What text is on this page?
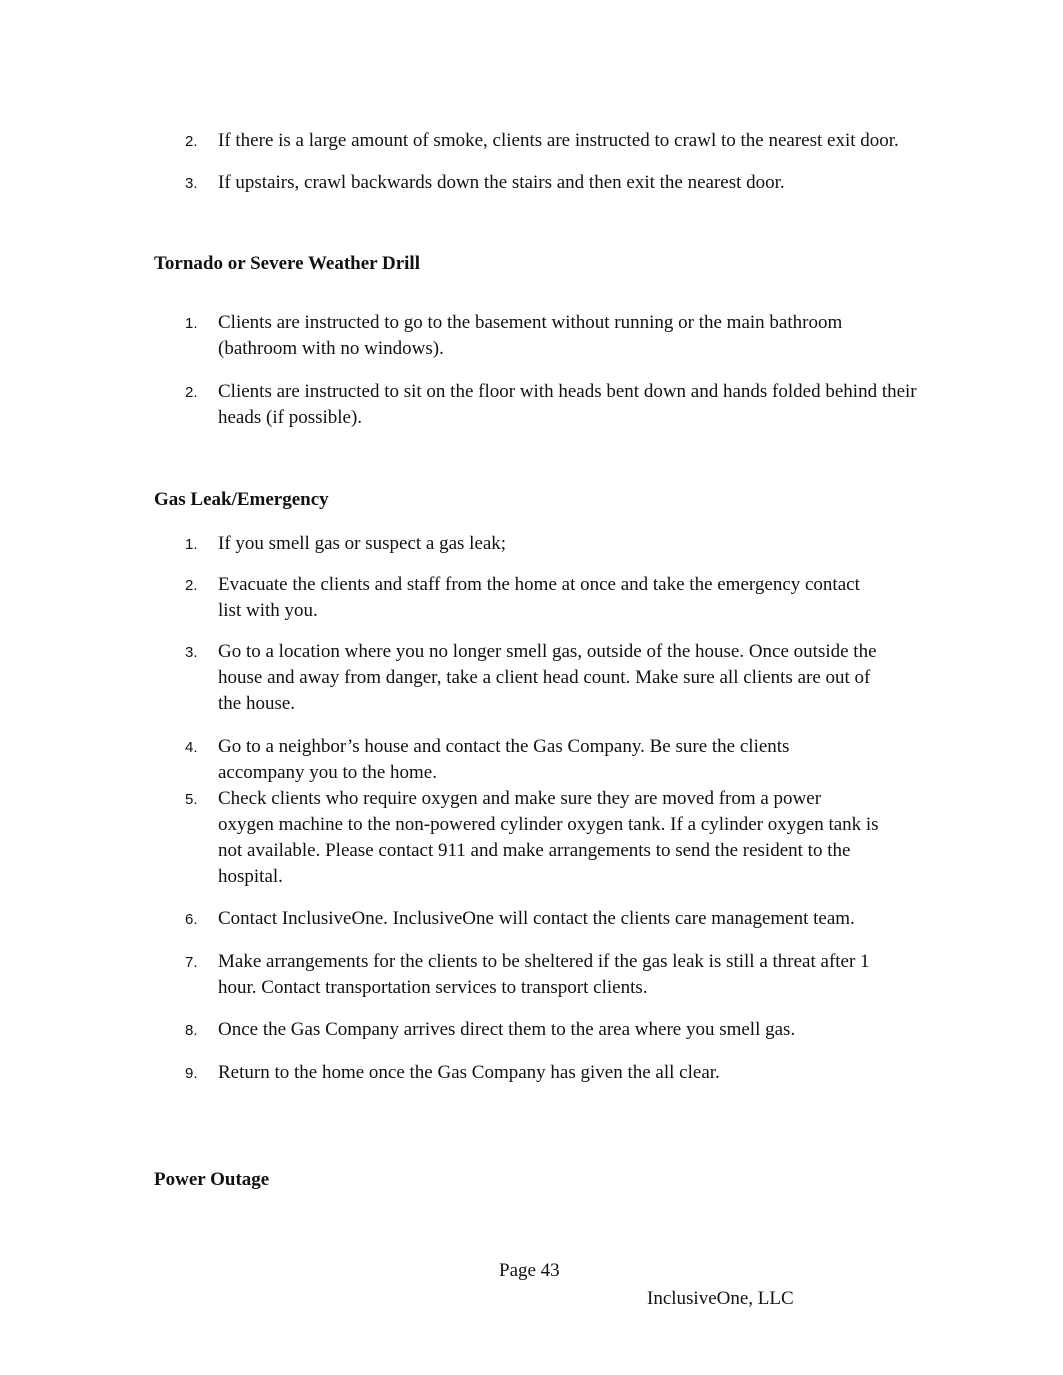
2.	If there is a large amount of smoke, clients are instructed to crawl to the nearest exit door.
3.	If upstairs, crawl backwards down the stairs and then exit the nearest door.
Tornado or Severe Weather Drill
1.	Clients are instructed to go to the basement without running or the main bathroom
(bathroom with no windows).
2.	Clients are instructed to sit on the floor with heads bent down and hands folded behind their
heads (if possible).
Gas Leak/Emergency
1.	If you smell gas or suspect a gas leak;
2.	Evacuate the clients and staff from the home at once and take the emergency contact
list with you.
3.	Go to a location where you no longer smell gas, outside of the house. Once outside the
house and away from danger, take a client head count. Make sure all clients are out of
the house.
4.	Go to a neighbor’s house and contact the Gas Company. Be sure the clients
accompany you to the home.
5.	Check clients who require oxygen and make sure they are moved from a power
oxygen machine to the non-powered cylinder oxygen tank. If a cylinder oxygen tank is
not available. Please contact 911 and make arrangements to send the resident to the
hospital.
6.	Contact InclusiveOne. InclusiveOne will contact the clients care management team.
7.	Make arrangements for the clients to be sheltered if the gas leak is still a threat after 1
hour. Contact transportation services to transport clients.
8.	Once the Gas Company arrives direct them to the area where you smell gas.
9.	Return to the home once the Gas Company has given the all clear.
Power Outage
Page 43
InclusiveOne, LLC
